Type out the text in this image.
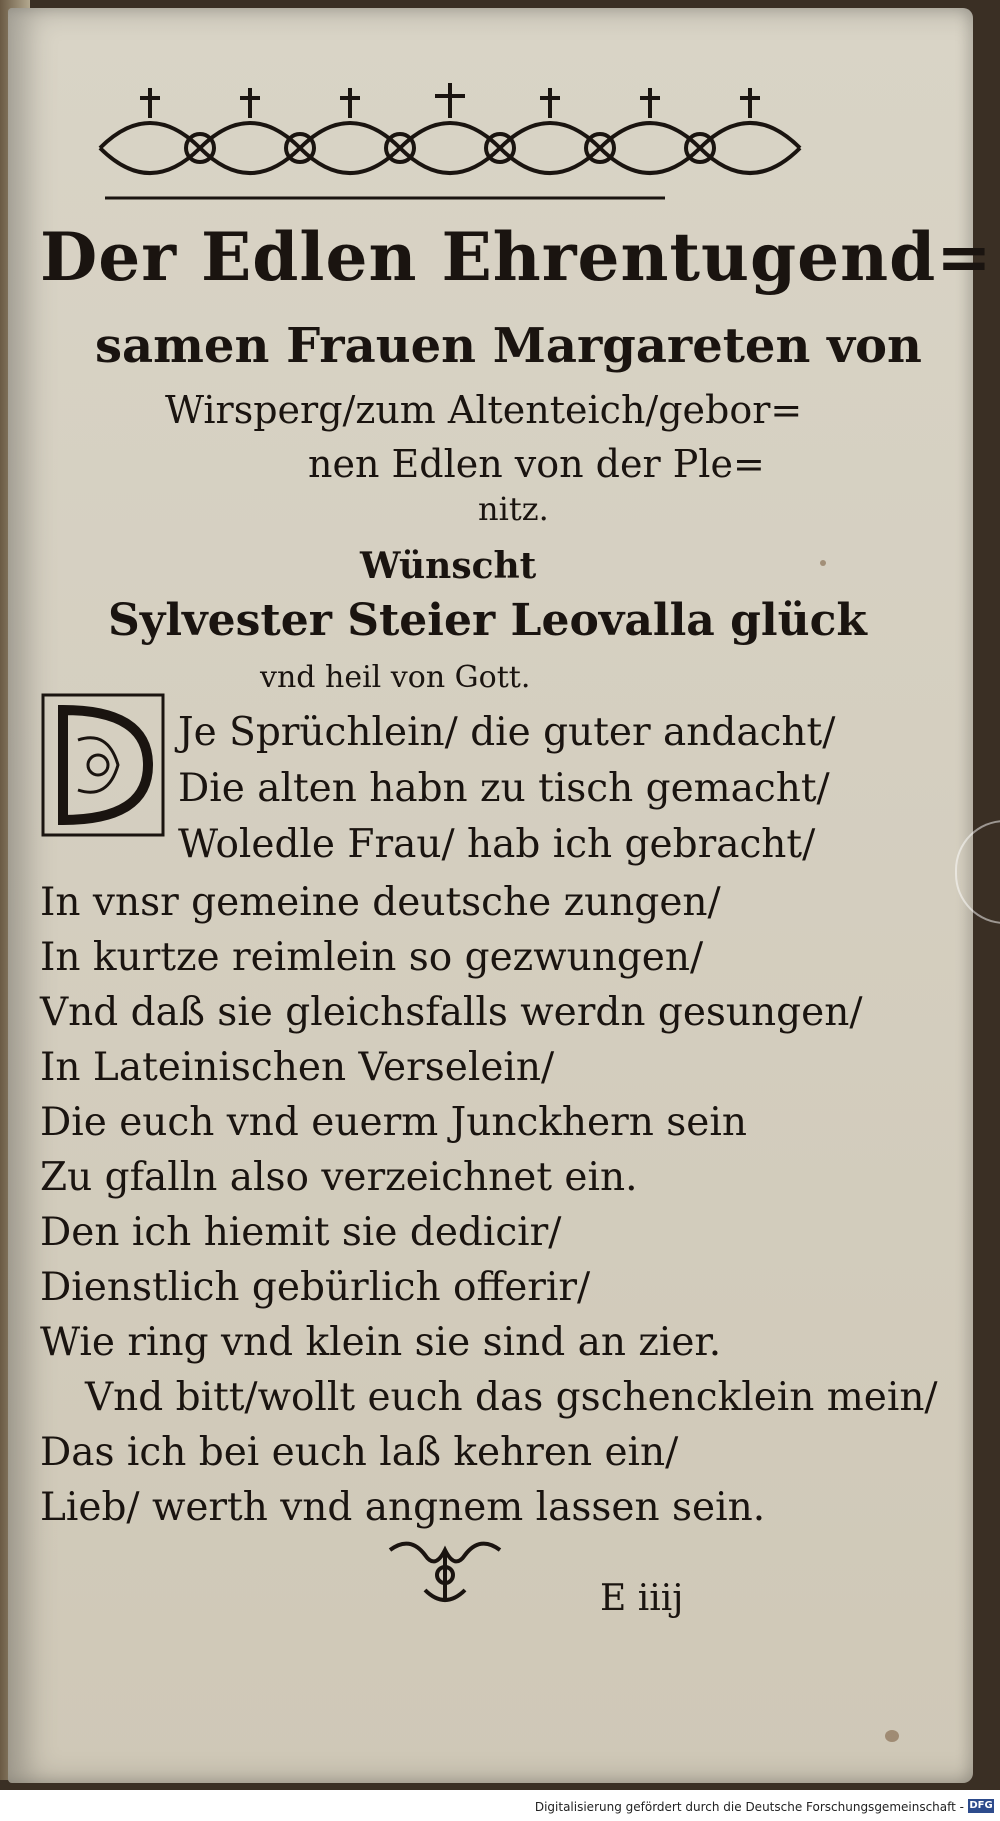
Der Edlen Ehrentugend=
samen Frauen Margareten von
Wirsperg/zum Altenteich/gebor=
nen Edlen von der Ple=
nitz.
Wünscht
Sylvester Steier Leovalla glück
vnd heil von Gott.
Je Sprüchlein/ die guter andacht/
Die alten habn zu tisch gemacht/
Woledle Frau/ hab ich gebracht/
In vnsr gemeine deutsche zungen/
In kurtze reimlein so gezwungen/
Vnd daß sie gleichsfalls werdn gesungen/
In Lateinischen Verselein/
Die euch vnd euerm Junckhern sein
Zu gfalln also verzeichnet ein.
Den ich hiemit sie dedicir/
Dienstlich gebürlich offerir/
Wie ring vnd klein sie sind an zier.
Vnd bitt/wollt euch das gschencklein mein/
Das ich bei euch laß kehren ein/
Lieb/ werth vnd angnem lassen sein.
E iiij
Digitalisierung gefördert durch die Deutsche Forschungsgemeinschaft - DFG
